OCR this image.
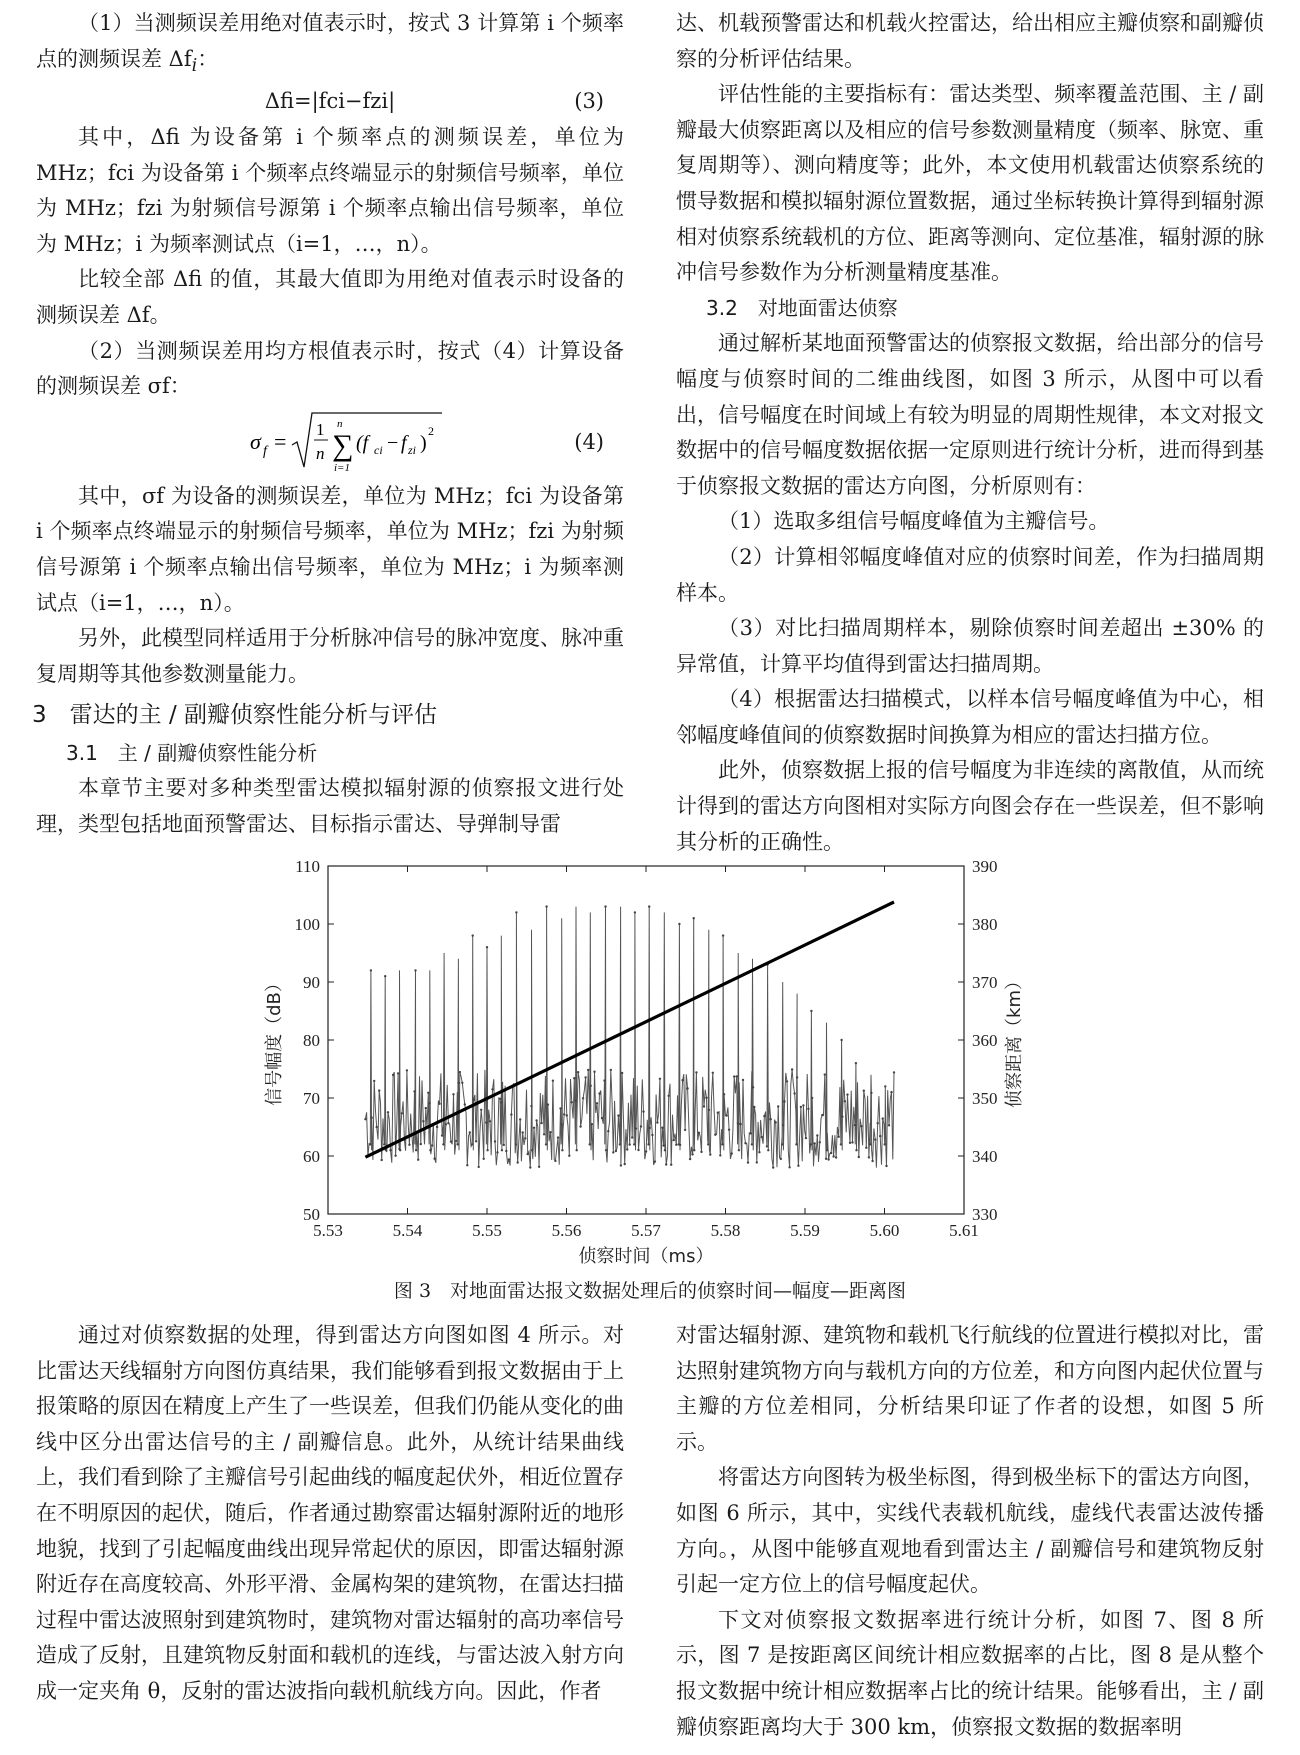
（1）当测频误差用绝对值表示时，按式 3 计算第 i 个频率点的测频误差 $\Delta f_i$：

Δfi=|fci−fzi|	(3)

其中，Δfi 为设备第 i 个频率点的测频误差，单位为 MHz；fci 为设备第 i 个频率点终端显示的射频信号频率，单位为 MHz；fzi 为射频信号源第 i 个频率点输出信号频率，单位为 MHz；i 为频率测试点（i=1，…，n）。

比较全部 Δfi 的值，其最大值即为用绝对值表示时设备的测频误差 Δf。

（2）当测频误差用均方根值表示时，按式（4）计算设备的测频误差 σf：

σ f = 1
n ∑
n
i=1
(f ci − f zi )
2	(4)

其中，σf 为设备的测频误差，单位为 MHz；fci 为设备第 i 个频率点终端显示的射频信号频率，单位为 MHz；fzi 为射频信号源第 i 个频率点输出信号频率，单位为 MHz；i 为频率测试点（i=1，…，n）。

另外，此模型同样适用于分析脉冲信号的脉冲宽度、脉冲重复周期等其他参数测量能力。

3　雷达的主 / 副瓣侦察性能分析与评估

3.1　主 / 副瓣侦察性能分析

本章节主要对多种类型雷达模拟辐射源的侦察报文进行处理，类型包括地面预警雷达、目标指示雷达、导弹制导雷

达、机载预警雷达和机载火控雷达，给出相应主瓣侦察和副瓣侦察的分析评估结果。

评估性能的主要指标有：雷达类型、频率覆盖范围、主 / 副瓣最大侦察距离以及相应的信号参数测量精度（频率、脉宽、重复周期等）、测向精度等；此外，本文使用机载雷达侦察系统的惯导数据和模拟辐射源位置数据，通过坐标转换计算得到辐射源相对侦察系统载机的方位、距离等测向、定位基准，辐射源的脉冲信号参数作为分析测量精度基准。

3.2　对地面雷达侦察

通过解析某地面预警雷达的侦察报文数据，给出部分的信号幅度与侦察时间的二维曲线图，如图 3 所示，从图中可以看出，信号幅度在时间域上有较为明显的周期性规律，本文对报文数据中的信号幅度数据依据一定原则进行统计分析，进而得到基于侦察报文数据的雷达方向图，分析原则有：

（1）选取多组信号幅度峰值为主瓣信号。

（2）计算相邻幅度峰值对应的侦察时间差，作为扫描周期样本。

（3）对比扫描周期样本，剔除侦察时间差超出 ±30% 的异常值，计算平均值得到雷达扫描周期。

（4）根据雷达扫描模式，以样本信号幅度峰值为中心，相邻幅度峰值间的侦察数据时间换算为相应的雷达扫描方位。

此外，侦察数据上报的信号幅度为非连续的离散值，从而统计得到的雷达方向图相对实际方向图会存在一些误差，但不影响其分析的正确性。

5.53	5.54	5.55	5.56	5.57	5.58	5.59	5.60	5.61
50
60
70
80
90
100
110
330
340
350
360
370
380
390
侦察时间（ms）
信号幅度（dB）	侦察距离（km）
图 3　对地面雷达报文数据处理后的侦察时间—幅度—距离图

通过对侦察数据的处理，得到雷达方向图如图 4 所示。对比雷达天线辐射方向图仿真结果，我们能够看到报文数据由于上报策略的原因在精度上产生了一些误差，但我们仍能从变化的曲线中区分出雷达信号的主 / 副瓣信息。此外，从统计结果曲线上，我们看到除了主瓣信号引起曲线的幅度起伏外，相近位置存在不明原因的起伏，随后，作者通过勘察雷达辐射源附近的地形地貌，找到了引起幅度曲线出现异常起伏的原因，即雷达辐射源附近存在高度较高、外形平滑、金属构架的建筑物，在雷达扫描过程中雷达波照射到建筑物时，建筑物对雷达辐射的高功率信号造成了反射，且建筑物反射面和载机的连线，与雷达波入射方向成一定夹角 θ，反射的雷达波指向载机航线方向。因此，作者

对雷达辐射源、建筑物和载机飞行航线的位置进行模拟对比，雷达照射建筑物方向与载机方向的方位差，和方向图内起伏位置与主瓣的方位差相同，分析结果印证了作者的设想，如图 5 所示。

将雷达方向图转为极坐标图，得到极坐标下的雷达方向图，如图 6 所示，其中，实线代表载机航线，虚线代表雷达波传播方向。，从图中能够直观地看到雷达主 / 副瓣信号和建筑物反射引起一定方位上的信号幅度起伏。

下文对侦察报文数据率进行统计分析，如图 7、图 8 所示，图 7 是按距离区间统计相应数据率的占比，图 8 是从整个报文数据中统计相应数据率占比的统计结果。能够看出，主 / 副瓣侦察距离均大于 300 km，侦察报文数据的数据率明
